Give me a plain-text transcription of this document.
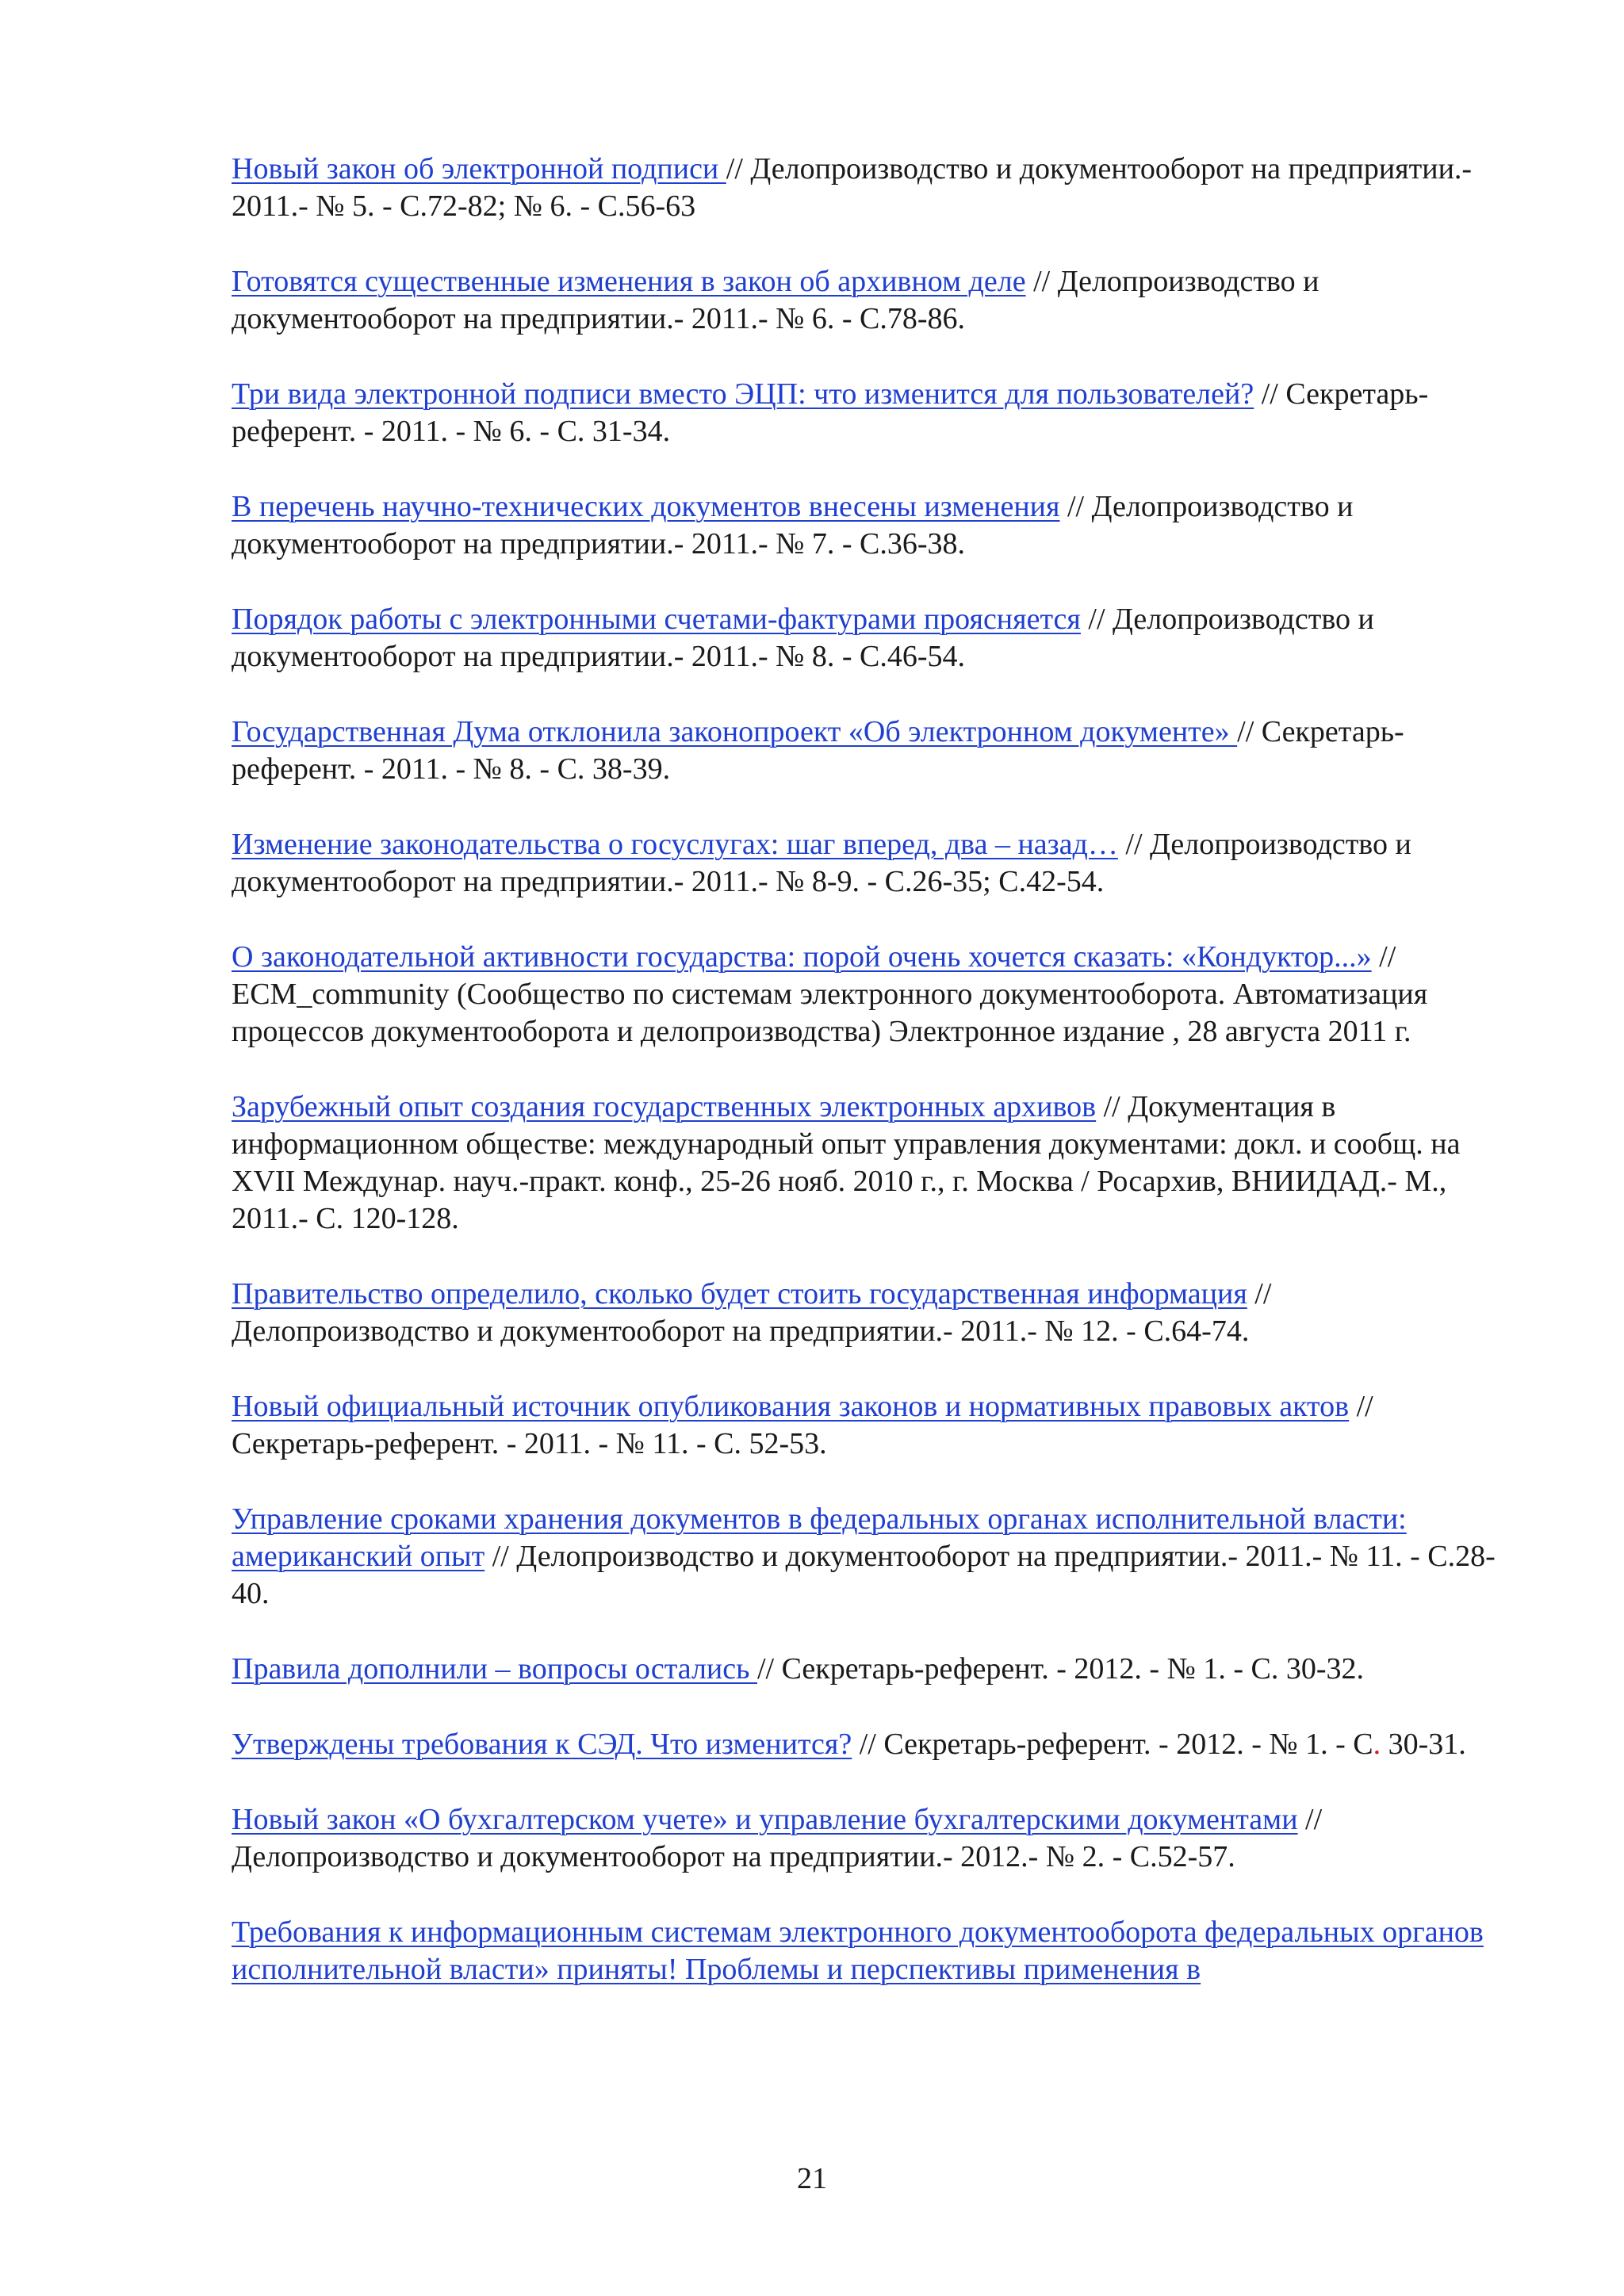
Новый закон об электронной подписи // Делопроизводство и документооборот на предприятии.- 2011.- № 5. - С.72-82; № 6. - С.56-63

Готовятся существенные изменения в закон об архивном деле // Делопроизводство и документооборот на предприятии.- 2011.- № 6. - С.78-86.

Три вида электронной подписи вместо ЭЦП: что изменится для пользователей? // Секретарь-референт. - 2011. - № 6. - С. 31-34.

В перечень научно-технических документов внесены изменения // Делопроизводство и документооборот на предприятии.- 2011.- № 7. - С.36-38.

Порядок работы с электронными счетами-фактурами проясняется // Делопроизводство и документооборот на предприятии.- 2011.- № 8. - С.46-54.

Государственная Дума отклонила законопроект «Об электронном документе» // Секретарь-референт. - 2011. - № 8. - С. 38-39.

Изменение законодательства о госуслугах: шаг вперед, два – назад… // Делопроизводство и документооборот на предприятии.- 2011.- № 8-9. - С.26-35; С.42-54.

О законодательной активности государства: порой очень хочется сказать: «Кондуктор...» // ECM_community (Сообщество по системам электронного документооборота. Автоматизация процессов документооборота и делопроизводства) Электронное издание , 28 августа 2011 г.

Зарубежный опыт создания государственных электронных архивов // Документация в информационном обществе: международный опыт управления документами: докл. и сообщ. на XVII Междунар. науч.-практ. конф., 25-26 нояб. 2010 г., г. Москва / Росархив, ВНИИДАД.- М., 2011.- С. 120-128.

Правительство определило, сколько будет стоить государственная информация // Делопроизводство и документооборот на предприятии.- 2011.- № 12. - С.64-74.

Новый официальный источник опубликования законов и нормативных правовых актов // Секретарь-референт. - 2011. - № 11. - С. 52-53.

Управление сроками хранения документов в федеральных органах исполнительной власти: американский опыт // Делопроизводство и документооборот на предприятии.- 2011.- № 11. - С.28-40.

Правила дополнили – вопросы остались // Секретарь-референт. - 2012. - № 1. - С. 30-32.

Утверждены требования к СЭД. Что изменится? // Секретарь-референт. - 2012. - № 1. - С. 30-31.

Новый закон «О бухгалтерском учете» и управление бухгалтерскими документами // Делопроизводство и документооборот на предприятии.- 2012.- № 2. - С.52-57.

Требования к информационным системам электронного документооборота федеральных органов исполнительной власти» приняты! Проблемы и перспективы применения в

21
